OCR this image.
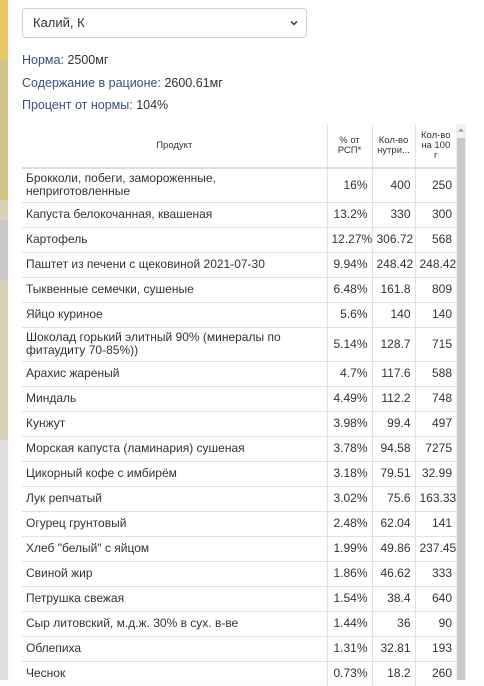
Калий, К
Норма: 2500мг
Содержание в рационе: 2600.61мг
Процент от нормы: 104%
Продукт	% от РСП*	Кол-во нутри...	Кол-во на 100 г
Брокколи, побеги, замороженные, неприготовленные	16%	400	250
Капуста белокочанная, квашеная	13.2%	330	300
Картофель	12.27%	306.72	568
Паштет из печени с щековиной 2021-07-30	9.94%	248.42	248.42
Тыквенные семечки, сушеные	6.48%	161.8	809
Яйцо куриное	5.6%	140	140
Шоколад горький элитный 90% (минералы по фитаудиту 70-85%))	5.14%	128.7	715
Арахис жареный	4.7%	117.6	588
Миндаль	4.49%	112.2	748
Кунжут	3.98%	99.4	497
Морская капуста (ламинария) сушеная	3.78%	94.58	7275
Цикорный кофе с имбирём	3.18%	79.51	32.99
Лук репчатый	3.02%	75.6	163.33
Огурец грунтовый	2.48%	62.04	141
Хлеб "белый" с яйцом	1.99%	49.86	237.45
Свиной жир	1.86%	46.62	333
Петрушка свежая	1.54%	38.4	640
Сыр литовский, м.д.ж. 30% в сух. в-ве	1.44%	36	90
Облепиха	1.31%	32.81	193
Чеснок	0.73%	18.2	260
